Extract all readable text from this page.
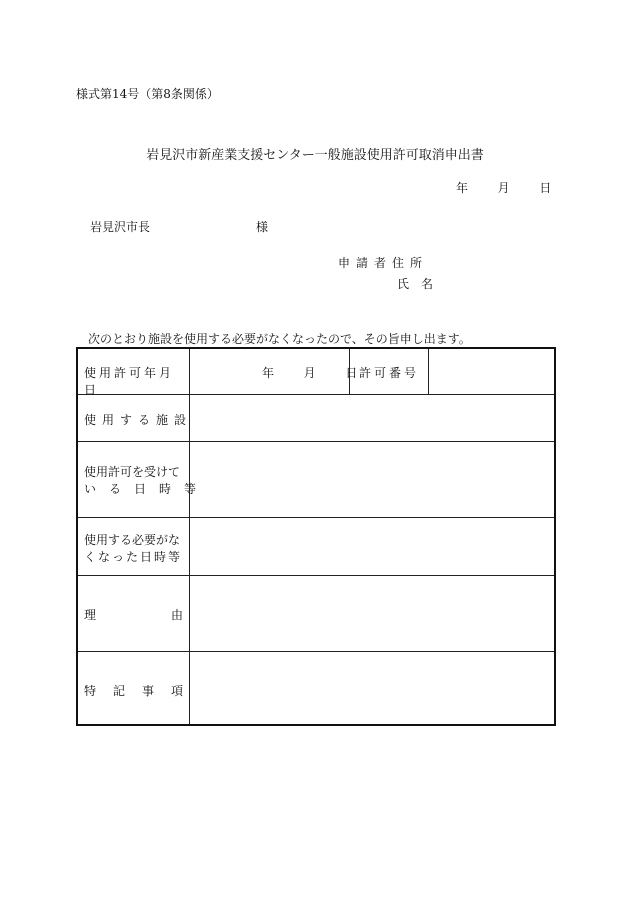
様式第14号（第8条関係）
岩見沢市新産業支援センター一般施設使用許可取消申出書
年 月 日
岩見沢市長	様
申請者住所
氏名
次のとおり施設を使用する必要がなくなったので、その旨申し出ます。
使用許可年月日
年 月 日 許可番号
使用する施設
使用許可を受けて
いる日時等
使用する必要がな
くなった日時等
理	由
特記事項
